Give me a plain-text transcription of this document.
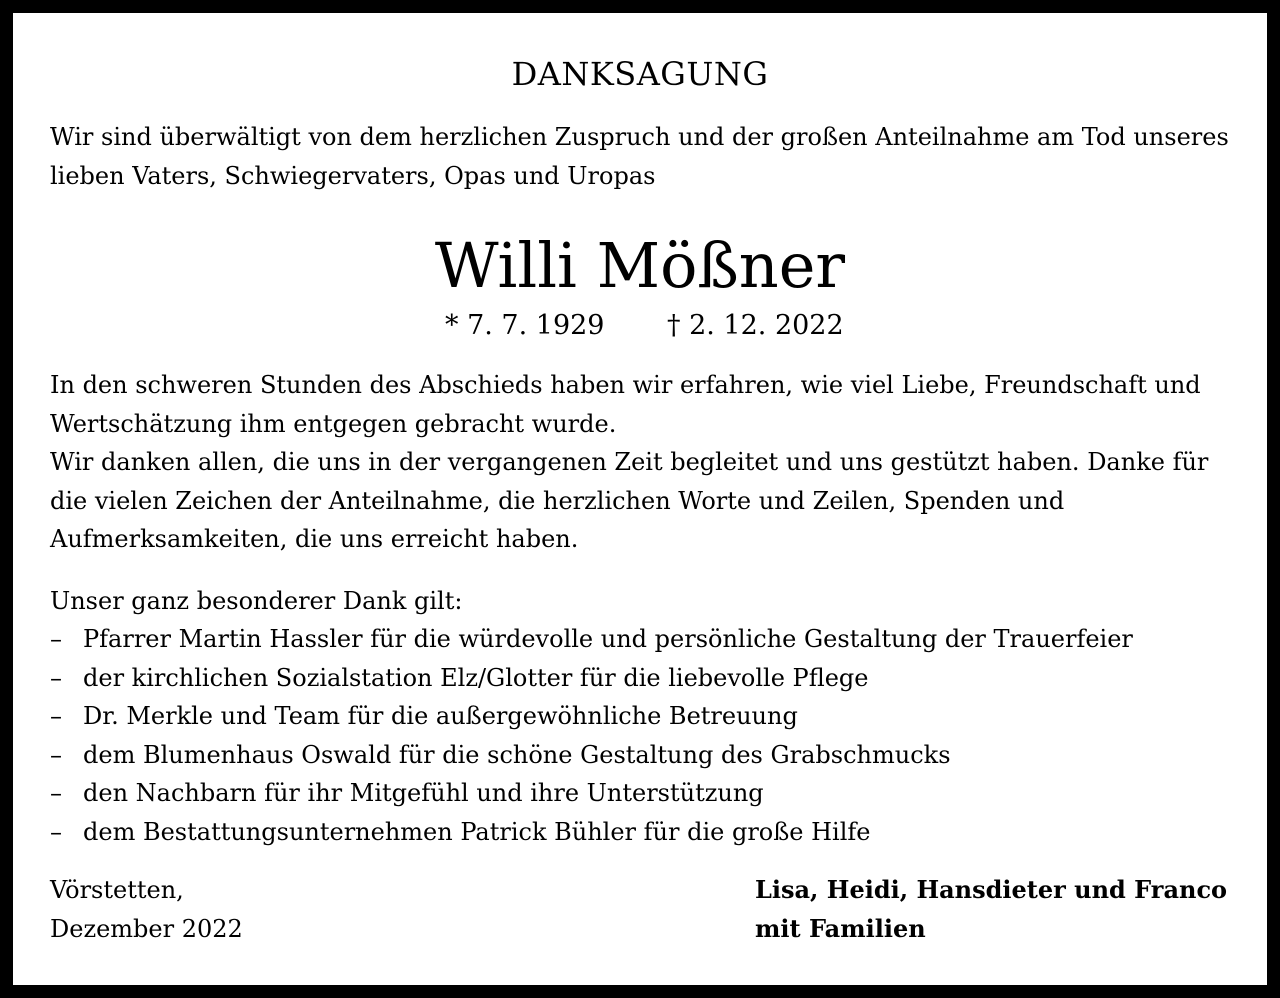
DANKSAGUNG

Wir sind überwältigt von dem herzlichen Zuspruch und der großen Anteilnahme am Tod unseres lieben Vaters, Schwiegervaters, Opas und Uropas

Willi Mößner
* 7. 7. 1929 † 2. 12. 2022

In den schweren Stunden des Abschieds haben wir erfahren, wie viel Liebe, Freundschaft und Wertschätzung ihm entgegen gebracht wurde.

Wir danken allen, die uns in der vergangenen Zeit begleitet und uns gestützt haben. Danke für die vielen Zeichen der Anteilnahme, die herzlichen Worte und Zeilen, Spenden und Aufmerksamkeiten, die uns erreicht haben.

Unser ganz besonderer Dank gilt:

– Pfarrer Martin Hassler für die würdevolle und persönliche Gestaltung der Trauerfeier
– der kirchlichen Sozialstation Elz/Glotter für die liebevolle Pflege
– Dr. Merkle und Team für die außergewöhnliche Betreuung
– dem Blumenhaus Oswald für die schöne Gestaltung des Grabschmucks
– den Nachbarn für ihr Mitgefühl und ihre Unterstützung
– dem Bestattungsunternehmen Patrick Bühler für die große Hilfe
Vörstetten,
Dezember 2022
Lisa, Heidi, Hansdieter und Franco
mit Familien
